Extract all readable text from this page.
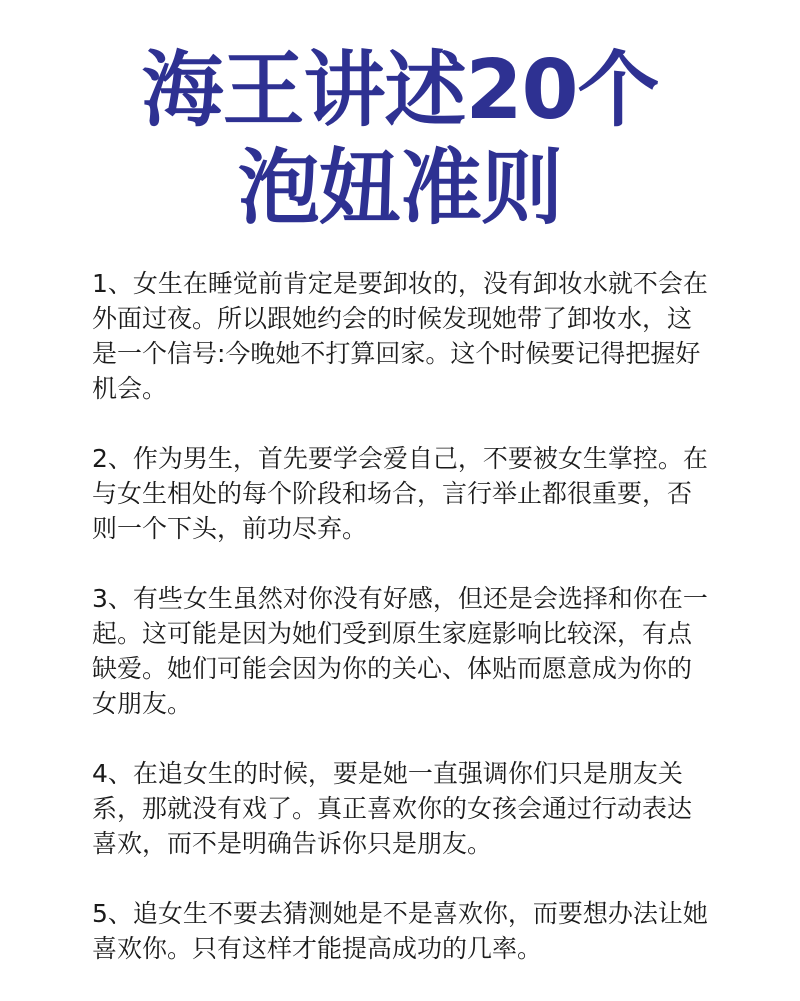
海王讲述20个
泡妞准则

1、女生在睡觉前肯定是要卸妆的，没有卸妆水就不会在外面过夜。所以跟她约会的时候发现她带了卸妆水，这是一个信号:今晚她不打算回家。这个时候要记得把握好机会。

2、作为男生，首先要学会爱自己，不要被女生掌控。在与女生相处的每个阶段和场合，言行举止都很重要，否则一个下头，前功尽弃。

3、有些女生虽然对你没有好感，但还是会选择和你在一起。这可能是因为她们受到原生家庭影响比较深，有点缺爱。她们可能会因为你的关心、体贴而愿意成为你的女朋友。

4、在追女生的时候，要是她一直强调你们只是朋友关系，那就没有戏了。真正喜欢你的女孩会通过行动表达喜欢，而不是明确告诉你只是朋友。

5、追女生不要去猜测她是不是喜欢你，而要想办法让她喜欢你。只有这样才能提高成功的几率。
